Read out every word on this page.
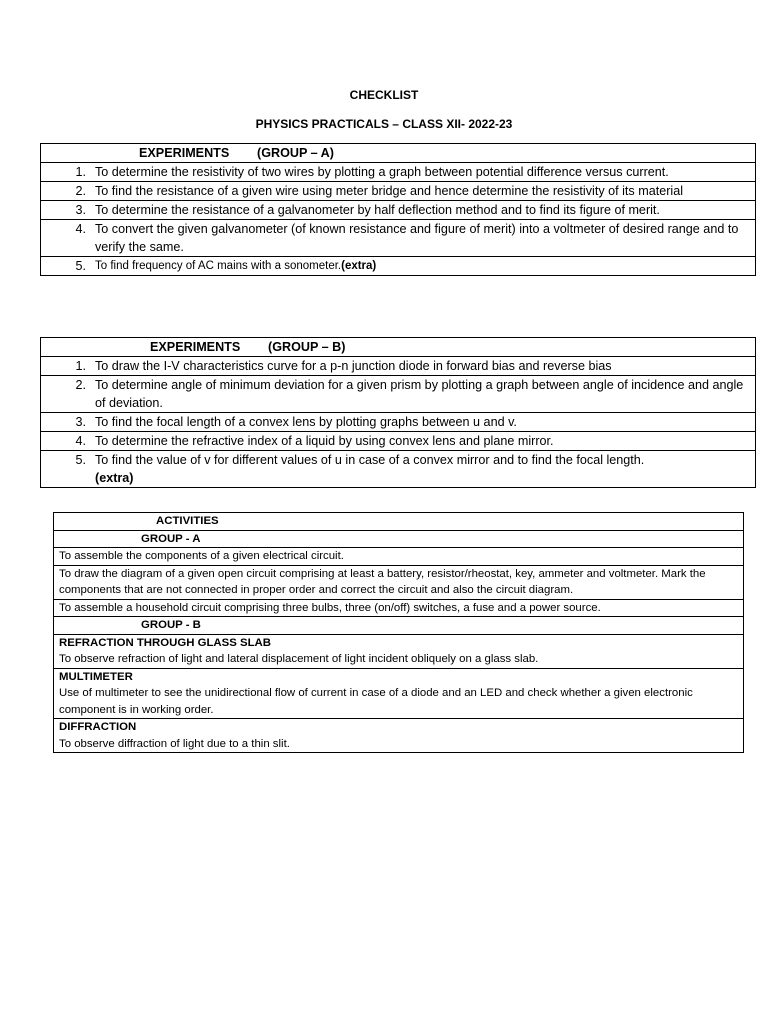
CHECKLIST
PHYSICS PRACTICALS – CLASS XII- 2022-23
EXPERIMENTS (GROUP – A)

1. To determine the resistivity of two wires by plotting a graph between potential difference versus current.

2. To find the resistance of a given wire using meter bridge and hence determine the resistivity of its material

3. To determine the resistance of a galvanometer by half deflection method and to find its figure of merit.

4. To convert the given galvanometer (of known resistance and figure of merit) into a voltmeter of desired range and to verify the same.

5. To find frequency of AC mains with a sonometer.(extra)
EXPERIMENTS (GROUP – B)

1. To draw the I-V characteristics curve for a p-n junction diode in forward bias and reverse bias

2. To determine angle of minimum deviation for a given prism by plotting a graph between angle of incidence and angle of deviation.

3. To find the focal length of a convex lens by plotting graphs between u and v.

4. To determine the refractive index of a liquid by using convex lens and plane mirror.

5. To find the value of v for different values of u in case of a convex mirror and to find the focal length.
(extra)
ACTIVITIES
GROUP - A
To assemble the components of a given electrical circuit.
To draw the diagram of a given open circuit comprising at least a battery, resistor/rheostat, key, ammeter and voltmeter. Mark the components that are not connected in proper order and correct the circuit and also the circuit diagram.
To assemble a household circuit comprising three bulbs, three (on/off) switches, a fuse and a power source.
GROUP - B

REFRACTION THROUGH GLASS SLAB
To observe refraction of light and lateral displacement of light incident obliquely on a glass slab.

MULTIMETER
Use of multimeter to see the unidirectional flow of current in case of a diode and an LED and check whether a given electronic component is in working order.

DIFFRACTION
To observe diffraction of light due to a thin slit.
